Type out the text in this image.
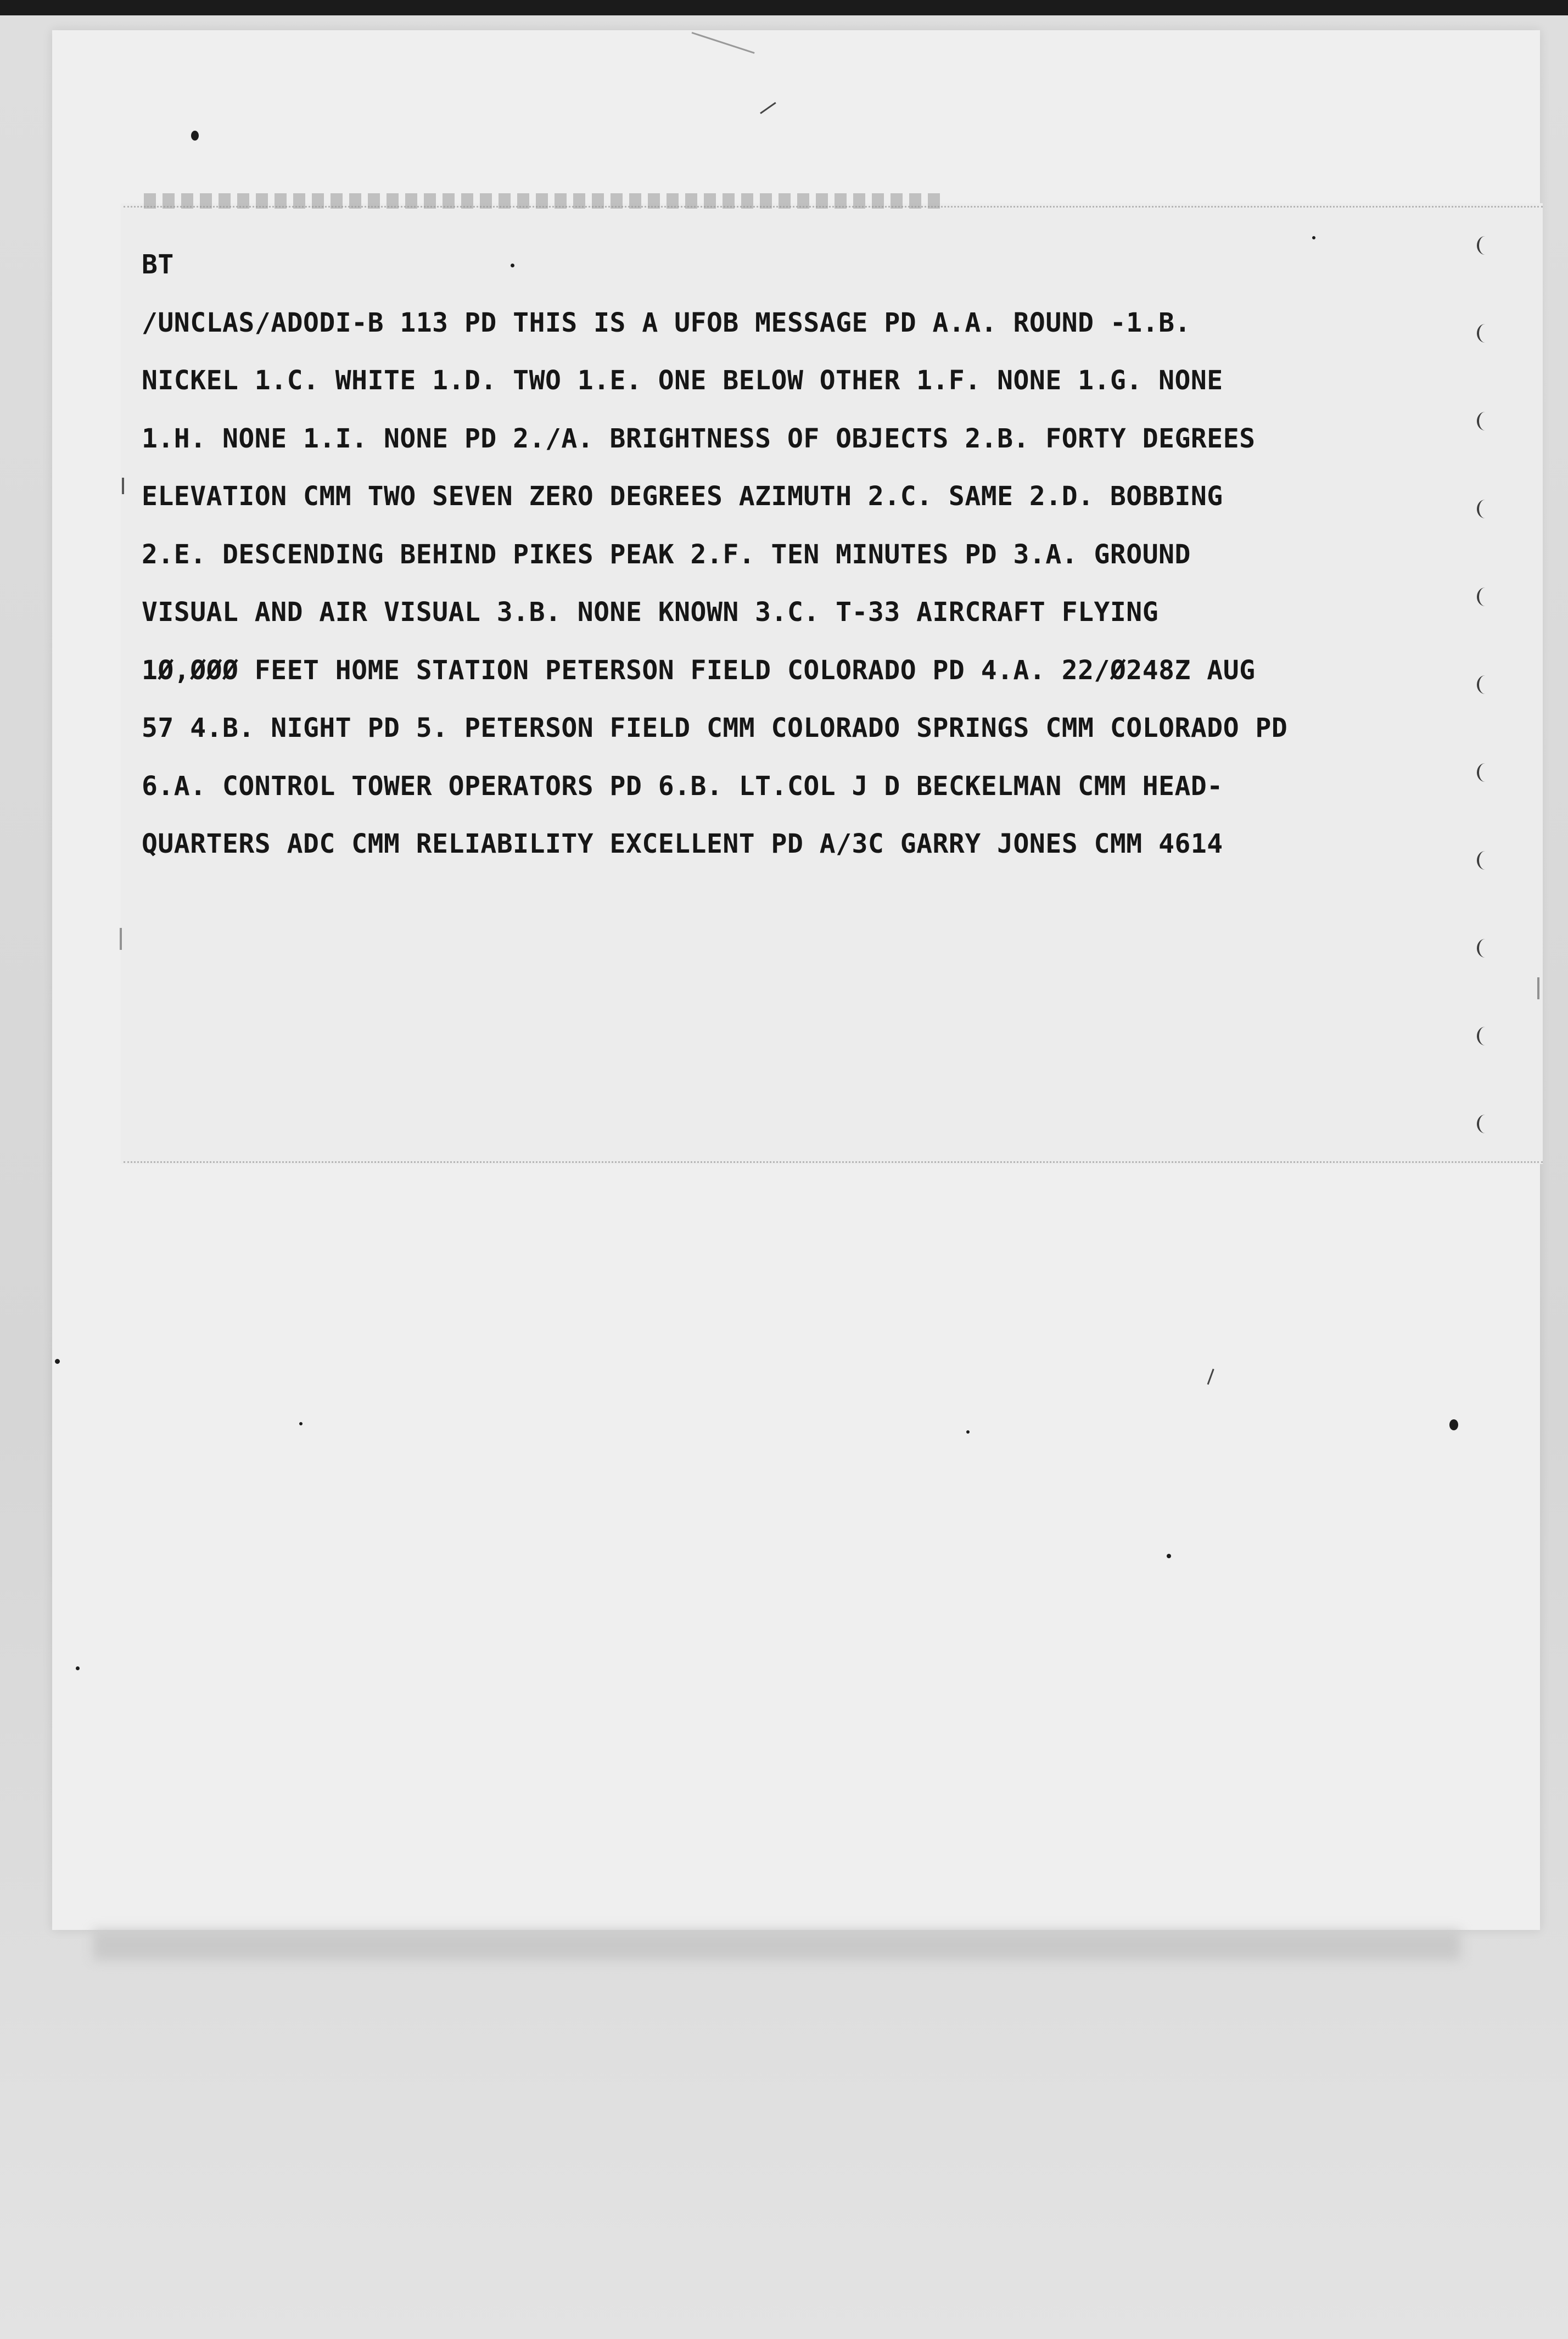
BT
/UNCLAS/ADODI-B 113 PD THIS IS A UFOB MESSAGE PD A.A. ROUND -1.B.
NICKEL 1.C. WHITE 1.D. TWO 1.E. ONE BELOW OTHER 1.F. NONE 1.G. NONE
1.H. NONE 1.I. NONE PD 2./A. BRIGHTNESS OF OBJECTS 2.B. FORTY DEGREES
ELEVATION CMM TWO SEVEN ZERO DEGREES AZIMUTH 2.C. SAME 2.D. BOBBING
2.E. DESCENDING BEHIND PIKES PEAK 2.F. TEN MINUTES PD 3.A. GROUND
VISUAL AND AIR VISUAL 3.B. NONE KNOWN 3.C. T-33 AIRCRAFT FLYING
1Ø,ØØØ FEET HOME STATION PETERSON FIELD COLORADO PD 4.A. 22/Ø248Z AUG
57 4.B. NIGHT PD 5. PETERSON FIELD CMM COLORADO SPRINGS CMM COLORADO PD
6.A. CONTROL TOWER OPERATORS PD 6.B. LT.COL J D BECKELMAN CMM HEAD-
QUARTERS ADC CMM RELIABILITY EXCELLENT PD A/3C GARRY JONES CMM 4614
